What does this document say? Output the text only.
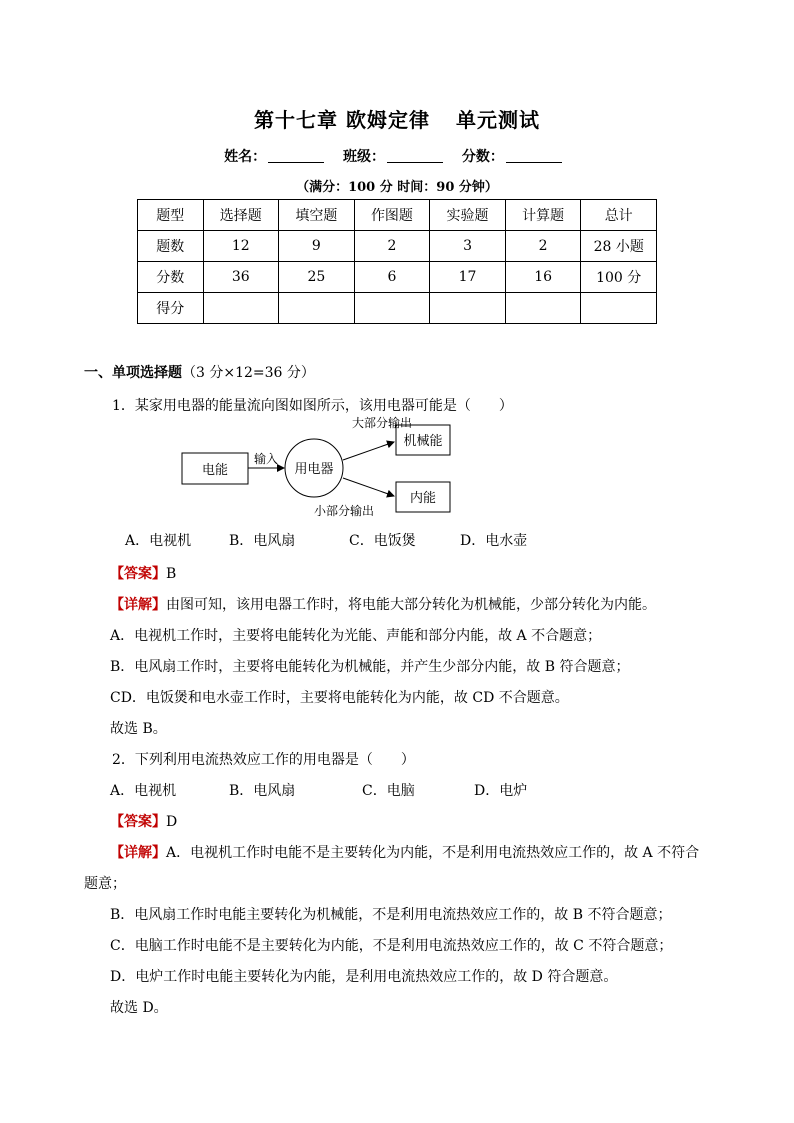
第十七章 欧姆定律 单元测试
姓名：	班级：	分数：
（满分：100 分 时间：90 分钟）
题型	选择题	填空题	作图题	实验题	计算题	总计
题数	12	9	2	3	2	28 小题
分数	36	25	6	17	16	100 分
得分						
一、单项选择题（3 分×12=36 分）
1．某家用电器的能量流向图如图所示，该用电器可能是（　　）
电能
输入
用电器
大部分输出
机械能
小部分输出
内能
A．电视机	B．电风扇	C．电饭煲	D．电水壶
【答案】B
【详解】由图可知，该用电器工作时，将电能大部分转化为机械能，少部分转化为内能。
A．电视机工作时，主要将电能转化为光能、声能和部分内能，故 A 不合题意；
B．电风扇工作时，主要将电能转化为机械能，并产生少部分内能，故 B 符合题意；
CD．电饭煲和电水壶工作时，主要将电能转化为内能，故 CD 不合题意。
故选 B。
2．下列利用电流热效应工作的用电器是（　　）
A．电视机	B．电风扇	C．电脑	D．电炉
【答案】D
【详解】A．电视机工作时电能不是主要转化为内能，不是利用电流热效应工作的，故 A 不符合
题意；
B．电风扇工作时电能主要转化为机械能，不是利用电流热效应工作的，故 B 不符合题意；
C．电脑工作时电能不是主要转化为内能，不是利用电流热效应工作的，故 C 不符合题意；
D．电炉工作时电能主要转化为内能，是利用电流热效应工作的，故 D 符合题意。
故选 D。
